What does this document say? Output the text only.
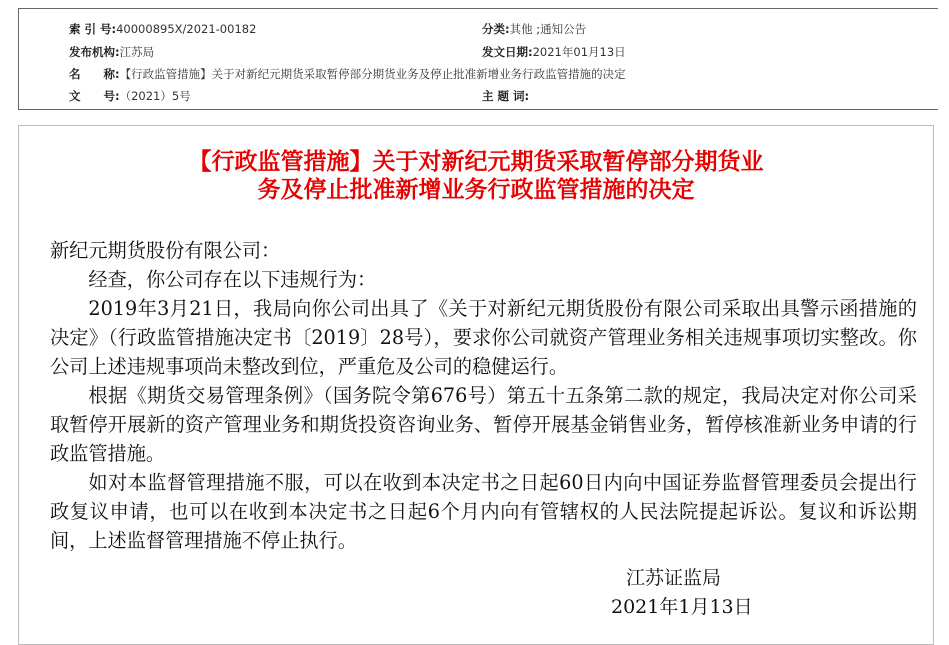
索 引 号:40000895X/2021-00182	分类:其他 ;通知公告
发布机构:江苏局	发文日期:2021年01月13日
名　　称:【行政监管措施】关于对新纪元期货采取暂停部分期货业务及停止批准新增业务行政监管措施的决定
文　　号:（2021）5号	主 题 词:
【行政监管措施】关于对新纪元期货采取暂停部分期货业
务及停止批准新增业务行政监管措施的决定

新纪元期货股份有限公司：

经查，你公司存在以下违规行为：

2019年3月21日，我局向你公司出具了《关于对新纪元期货股份有限公司采取出具警示函措施的决定》（行政监管措施决定书〔2019〕28号），要求你公司就资产管理业务相关违规事项切实整改。你公司上述违规事项尚未整改到位，严重危及公司的稳健运行。

根据《期货交易管理条例》（国务院令第676号）第五十五条第二款的规定，我局决定对你公司采取暂停开展新的资产管理业务和期货投资咨询业务、暂停开展基金销售业务，暂停核准新业务申请的行政监管措施。

如对本监督管理措施不服，可以在收到本决定书之日起60日内向中国证券监督管理委员会提出行政复议申请，也可以在收到本决定书之日起6个月内向有管辖权的人民法院提起诉讼。复议和诉讼期间，上述监督管理措施不停止执行。

江苏证监局
2021年1月13日
